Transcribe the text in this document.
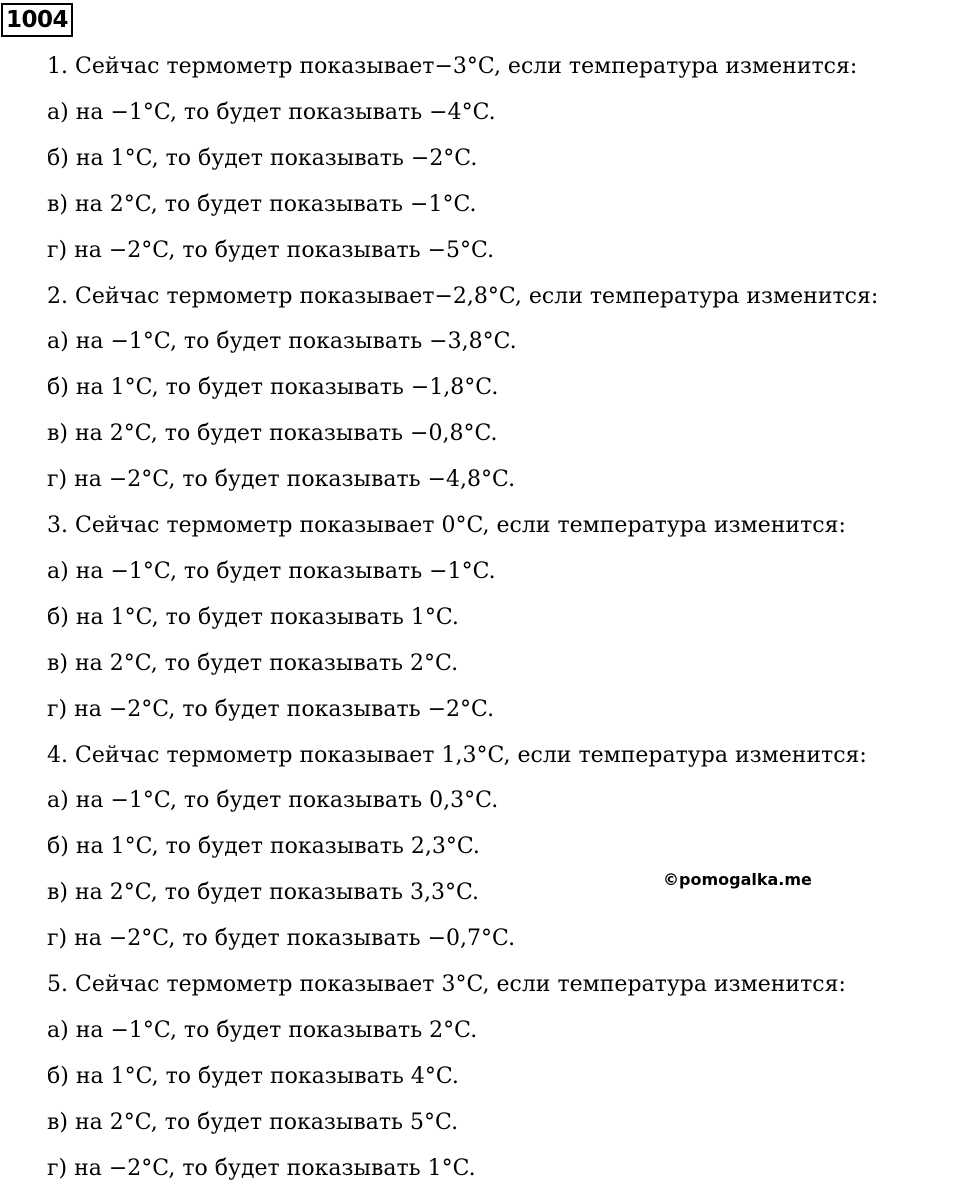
1004
1. Сейчас термометр показывает−3°C, если температура изменится:
а) на −1°C, то будет показывать −4°C.
б) на 1°C, то будет показывать −2°C.
в) на 2°C, то будет показывать −1°C.
г) на −2°C, то будет показывать −5°C.
2. Сейчас термометр показывает−2,8°C, если температура изменится:
а) на −1°C, то будет показывать −3,8°C.
б) на 1°C, то будет показывать −1,8°C.
в) на 2°C, то будет показывать −0,8°C.
г) на −2°C, то будет показывать −4,8°C.
3. Сейчас термометр показывает 0°C, если температура изменится:
а) на −1°C, то будет показывать −1°C.
б) на 1°C, то будет показывать 1°C.
в) на 2°C, то будет показывать 2°C.
г) на −2°C, то будет показывать −2°C.
4. Сейчас термометр показывает 1,3°C, если температура изменится:
а) на −1°C, то будет показывать 0,3°C.
б) на 1°C, то будет показывать 2,3°C.
в) на 2°C, то будет показывать 3,3°C.
г) на −2°C, то будет показывать −0,7°C.
5. Сейчас термометр показывает 3°C, если температура изменится:
а) на −1°C, то будет показывать 2°C.
б) на 1°C, то будет показывать 4°C.
в) на 2°C, то будет показывать 5°C.
г) на −2°C, то будет показывать 1°C.
©pomogalka.me
